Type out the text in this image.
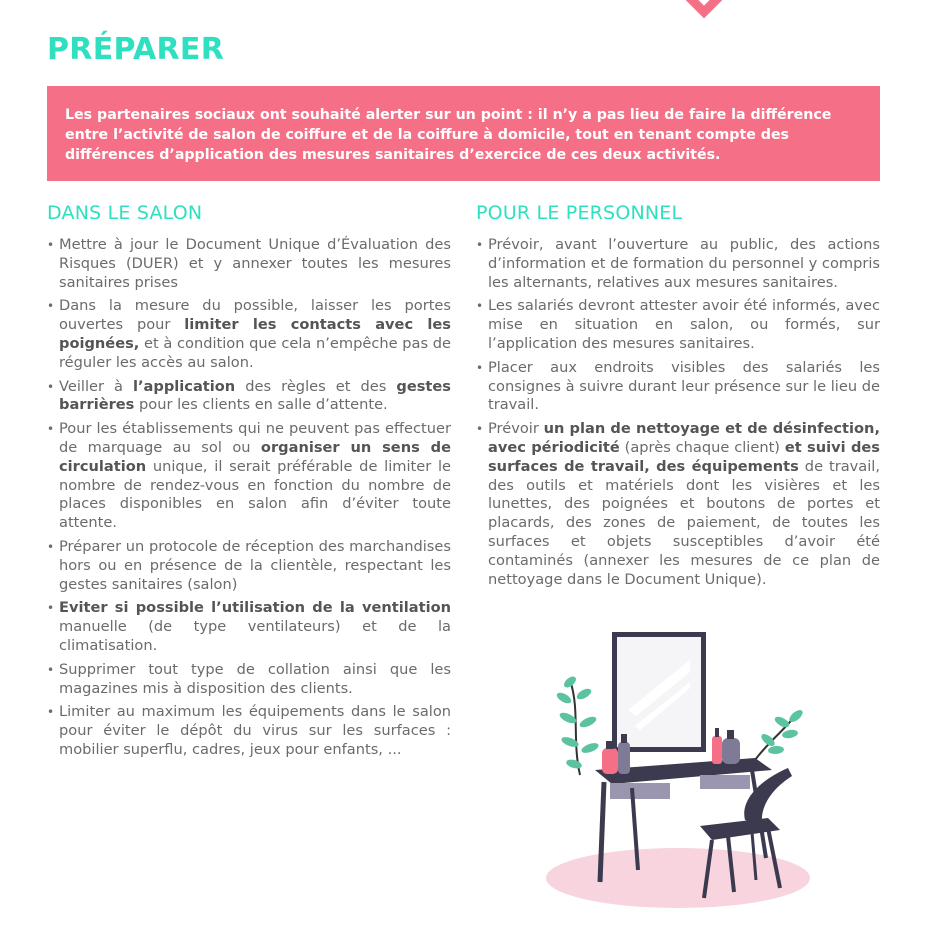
PRÉPARER

Les partenaires sociaux ont souhaité alerter sur un point : il n’y a pas lieu de faire la différence entre l’activité de salon de coiffure et de la coiffure à domicile, tout en tenant compte des différences d’application des mesures sanitaires d’exercice de ces deux activités.

DANS LE SALON
• Mettre à jour le Document Unique d’Évaluation des Risques (DUER) et y annexer toutes les mesures sanitaires prises
• Dans la mesure du possible, laisser les portes ouvertes pour limiter les contacts avec les poignées, et à condition que cela n’empêche pas de réguler les accès au salon.
• Veiller à l’application des règles et des gestes barrières pour les clients en salle d’attente.
• Pour les établissements qui ne peuvent pas effectuer de marquage au sol ou organiser un sens de circulation unique, il serait préférable de limiter le nombre de rendez-vous en fonction du nombre de places disponibles en salon afin d’éviter toute attente.
• Préparer un protocole de réception des marchandises hors ou en présence de la clientèle, respectant les gestes sanitaires (salon)
• Eviter si possible l’utilisation de la ventilation manuelle (de type ventilateurs) et de la climatisation.
• Supprimer tout type de collation ainsi que les magazines mis à disposition des clients.
• Limiter au maximum les équipements dans le salon pour éviter le dépôt du virus sur les surfaces : mobilier superflu, cadres, jeux pour enfants, ...
POUR LE PERSONNEL
• Prévoir, avant l’ouverture au public, des actions d’information et de formation du personnel y compris les alternants, relatives aux mesures sanitaires.
• Les salariés devront attester avoir été informés, avec mise en situation en salon, ou formés, sur l’application des mesures sanitaires.
• Placer aux endroits visibles des salariés les consignes à suivre durant leur présence sur le lieu de travail.
• Prévoir un plan de nettoyage et de désinfection, avec périodicité (après chaque client) et suivi des surfaces de travail, des équipements de travail, des outils et matériels dont les visières et les lunettes, des poignées et boutons de portes et placards, des zones de paiement, de toutes les surfaces et objets susceptibles d’avoir été contaminés (annexer les mesures de ce plan de nettoyage dans le Document Unique).
